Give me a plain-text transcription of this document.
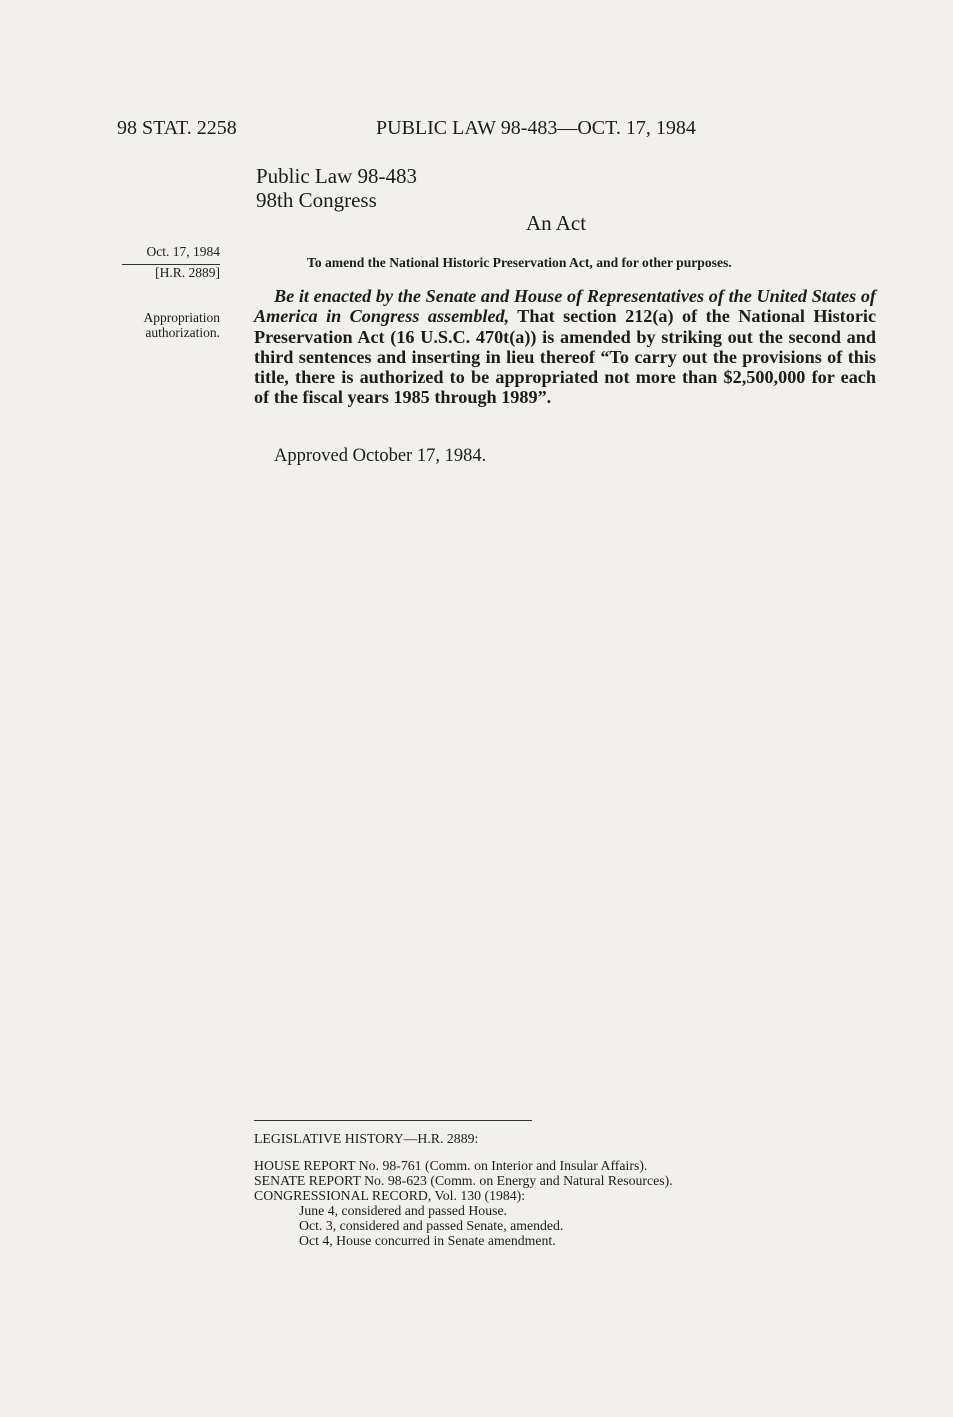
98 STAT. 2258	PUBLIC LAW 98-483—OCT. 17, 1984
Public Law 98-483
98th Congress
An Act
Oct. 17, 1984
[H.R. 2889]
To amend the National Historic Preservation Act, and for other purposes.
Appropriation
authorization.
Be it enacted by the Senate and House of Representatives of the United States of America in Congress assembled, That section 212(a) of the National Historic Preservation Act (16 U.S.C. 470t(a)) is amended by striking out the second and third sentences and inserting in lieu thereof “To carry out the provisions of this title, there is authorized to be appropriated not more than $2,500,000 for each of the fiscal years 1985 through 1989”.
Approved October 17, 1984.
LEGISLATIVE HISTORY—H.R. 2889:
HOUSE REPORT No. 98-761 (Comm. on Interior and Insular Affairs).
SENATE REPORT No. 98-623 (Comm. on Energy and Natural Resources).
CONGRESSIONAL RECORD, Vol. 130 (1984):
June 4, considered and passed House.
Oct. 3, considered and passed Senate, amended.
Oct 4, House concurred in Senate amendment.
